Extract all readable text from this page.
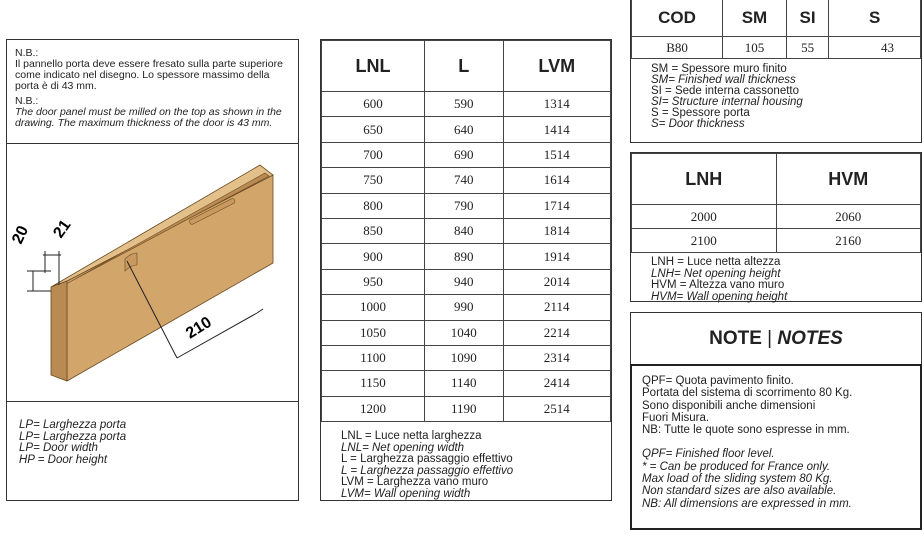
N.B.:
Il pannello porta deve essere fresato sulla parte superiore come indicato nel disegno. Lo spessore massimo della porta è di 43 mm.
N.B.:
The door panel must be milled on the top as shown in the drawing. The maximum thickness of the door is 43 mm.
20 21
210
LP= Larghezza porta
LP= Larghezza porta
LP= Door width
HP = Door height
LNL	L	LVM
600	590	1314
650	640	1414
700	690	1514
750	740	1614
800	790	1714
850	840	1814
900	890	1914
950	940	2014
1000	990	2114
1050	1040	2214
1100	1090	2314
1150	1140	2414
1200	1190	2514
LNL = Luce netta larghezza
LNL= Net opening width
L = Larghezza passaggio effettivo
L = Larghezza passaggio effettivo
LVM = Larghezza vano muro
LVM= Wall opening width
COD	SM	SI	S
B80	105	55	43
SM = Spessore muro finito
SM= Finished wall thickness
SI = Sede interna cassonetto
SI= Structure internal housing
S = Spessore porta
S= Door thickness
LNH	HVM
2000	2060
2100	2160
LNH = Luce netta altezza
LNH= Net opening height
HVM = Altezza vano muro
HVM= Wall opening height
NOTE | NOTES
QPF= Quota pavimento finito.
Portata del sistema di scorrimento 80 Kg.
Sono disponibili anche dimensioni
Fuori Misura.
NB: Tutte le quote sono espresse in mm.
QPF= Finished floor level.
* = Can be produced for France only.
Max load of the sliding system 80 Kg.
Non standard sizes are also available.
NB: All dimensions are expressed in mm.
